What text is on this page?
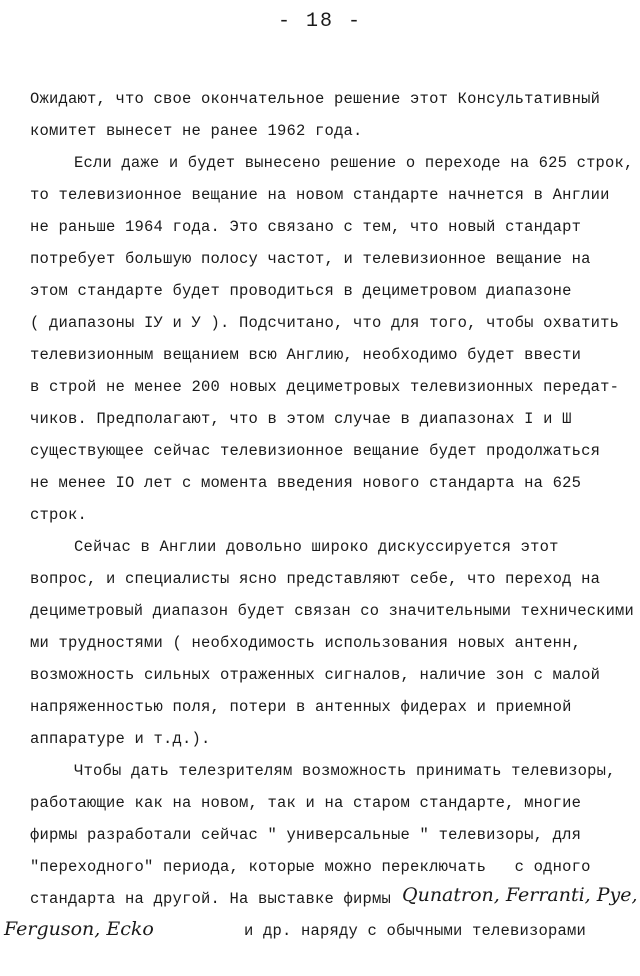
- 18 -
Ожидают, что свое окончательное решение этот Консультативный
комитет вынесет не ранее 1962 года.
Если даже и будет вынесено решение о переходе на 625 строк,
то телевизионное вещание на новом стандарте начнется в Англии
не раньше 1964 года. Это связано с тем, что новый стандарт
потребует большую полосу частот, и телевизионное вещание на
этом стандарте будет проводиться в дециметровом диапазоне
( диапазоны IУ и У ). Подсчитано, что для того, чтобы охватить
телевизионным вещанием всю Англию, необходимо будет ввести
в строй не менее 200 новых дециметровых телевизионных передат-
чиков. Предполагают, что в этом случае в диапазонах I и Ш
существующее сейчас телевизионное вещание будет продолжаться
не менее IO лет с момента введения нового стандарта на 625
строк.
Сейчас в Англии довольно широко дискуссируется этот
вопрос, и специалисты ясно представляют себе, что переход на
дециметровый диапазон будет связан со значительными техническими
ми трудностями ( необходимость использования новых антенн,
возможность сильных отраженных сигналов, наличие зон с малой
напряженностью поля, потери в антенных фидерах и приемной
аппаратуре и т.д.).
Чтобы дать телезрителям возможность принимать телевизоры,
работающие как на новом, так и на старом стандарте, многие
фирмы разработали сейчас " универсальные " телевизоры, для
"переходного" периода, которые можно переключать   с одного
стандарта на другой. На выставке фирмы Qunatron, Ferranti, Pye,
Ferguson, Ecko	и др. наряду с обычными телевизорами
